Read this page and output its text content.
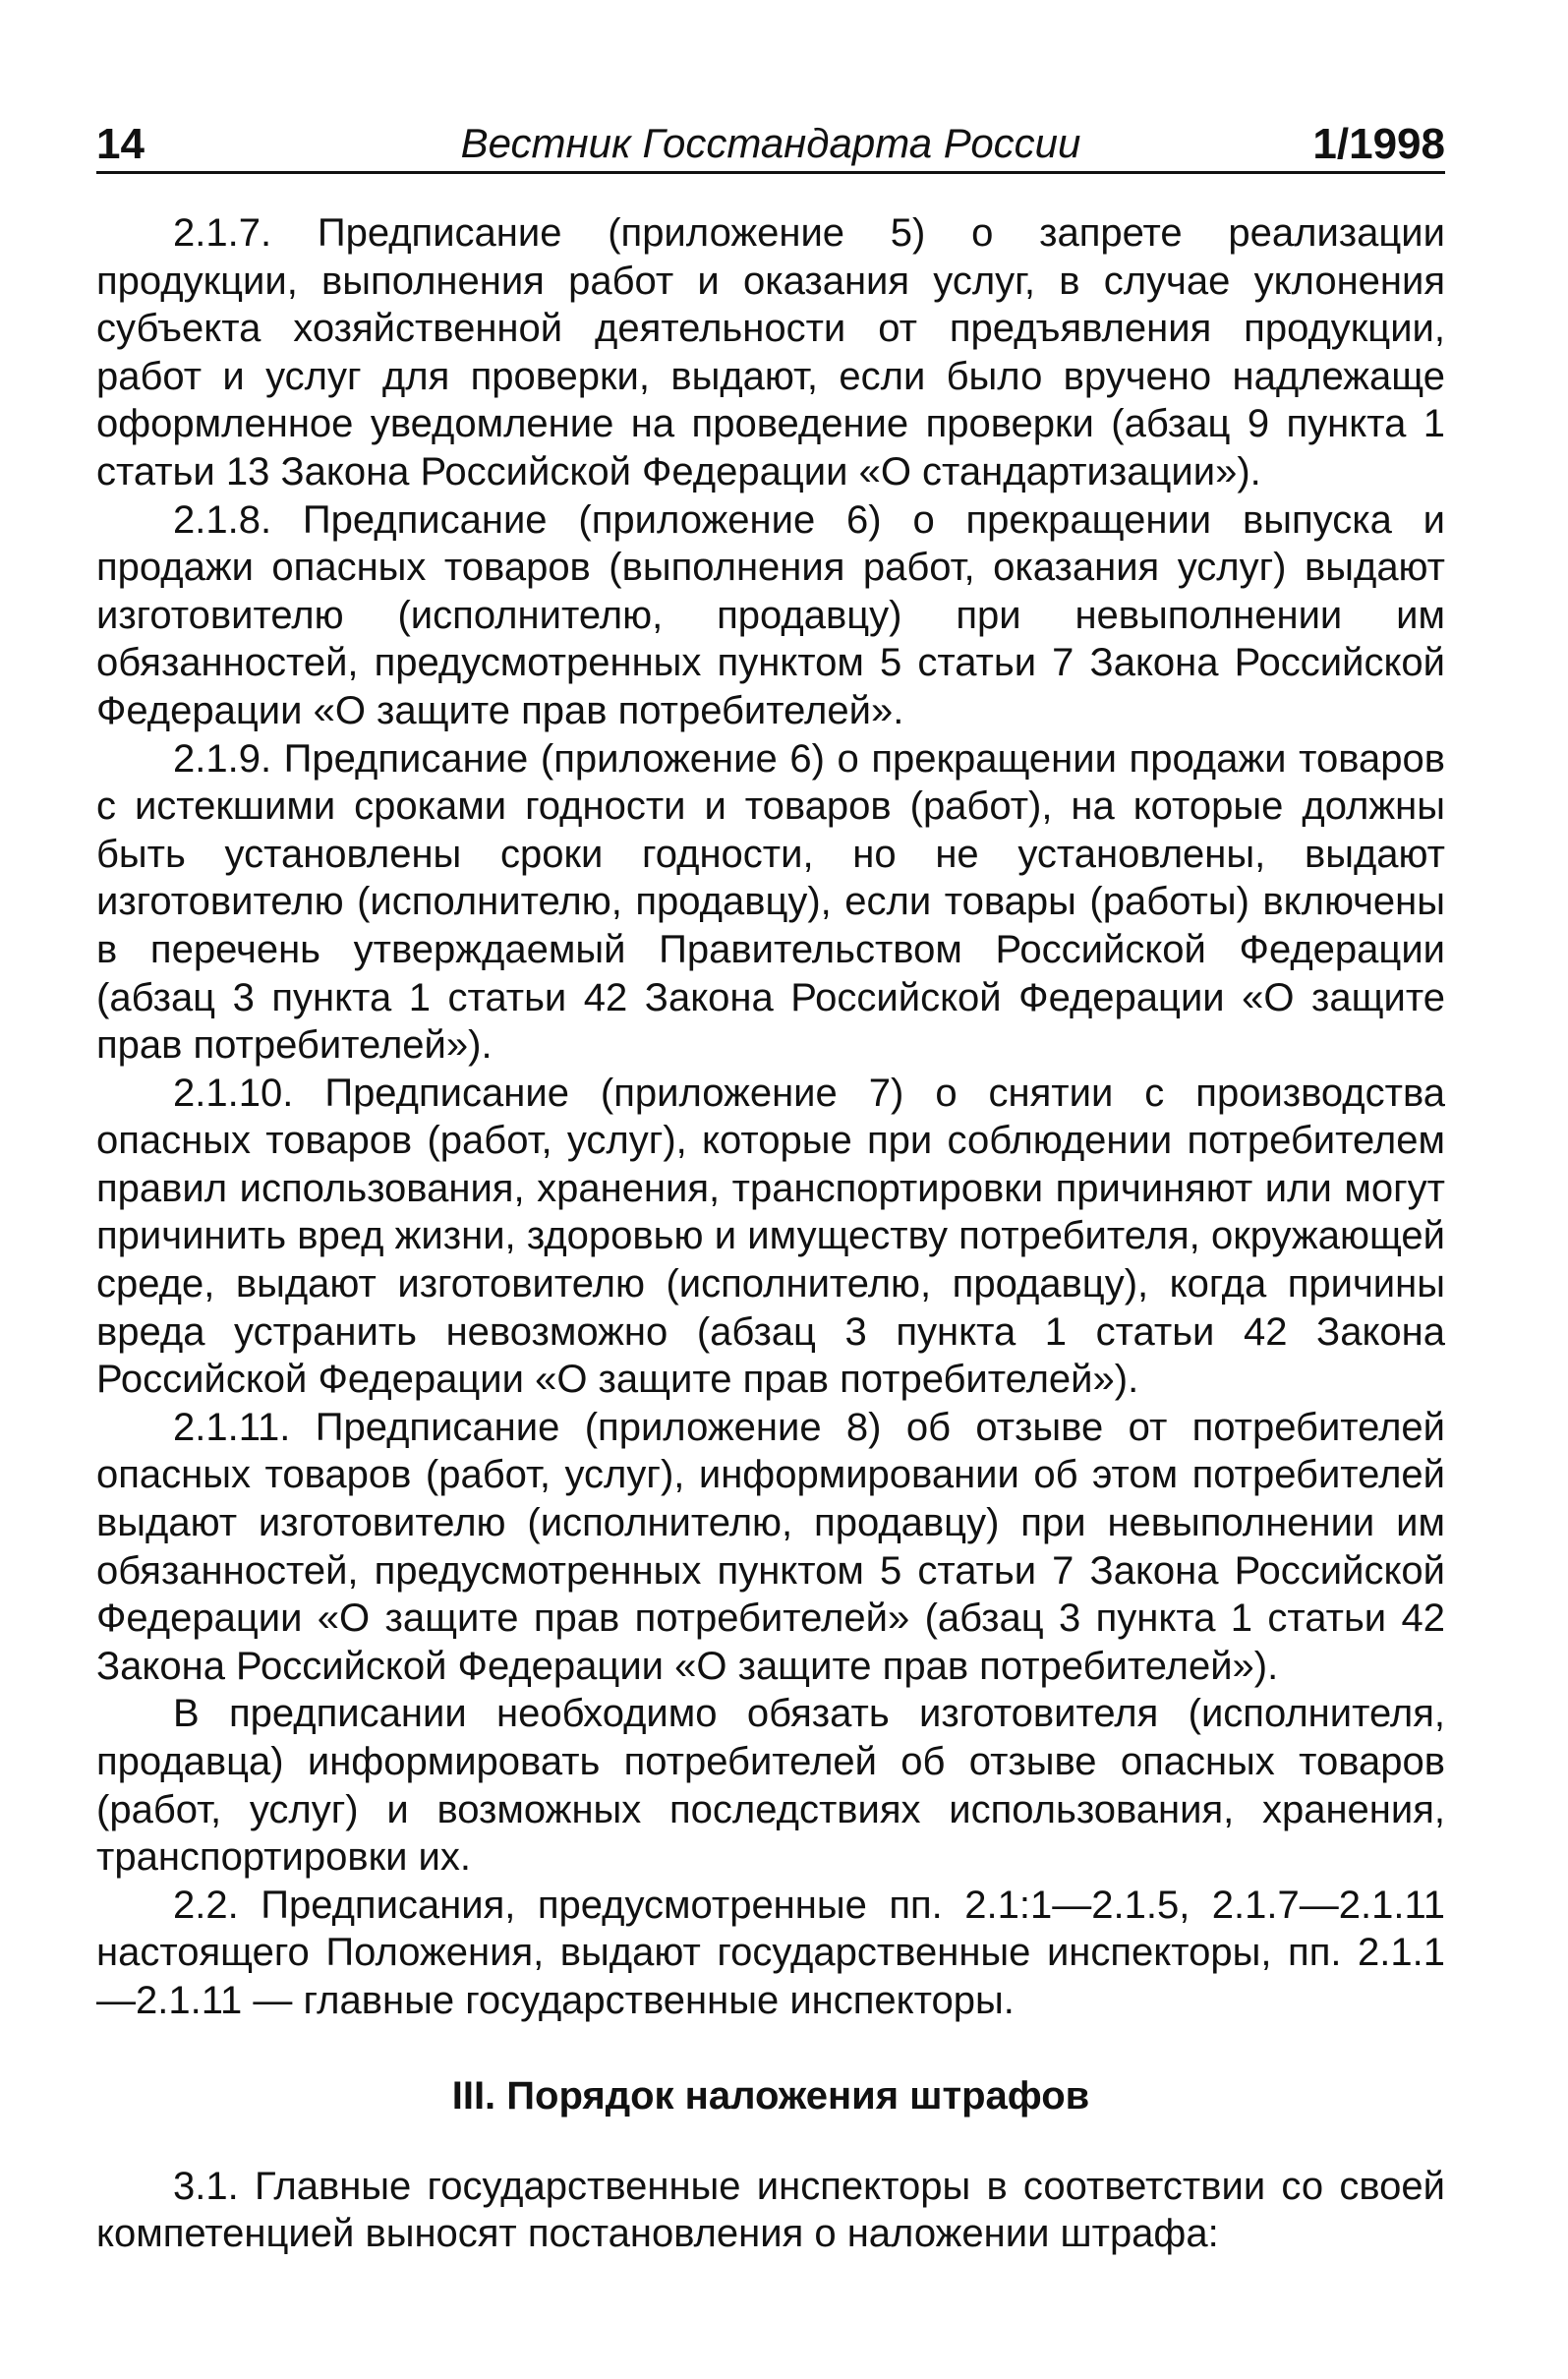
14	Вестник Госстандарта России	1/1998

2.1.7. Предписание (приложение 5) о запрете реализации продукции, выполнения работ и оказания услуг, в случае уклонения субъекта хозяйственной деятельности от предъявления продукции, работ и услуг для проверки, выдают, если было вручено надлежаще оформленное уведомление на проведение проверки (абзац 9 пункта 1 статьи 13 Закона Российской Федерации «О стандартизации»).

2.1.8. Предписание (приложение 6) о прекращении выпуска и продажи опасных товаров (выполнения работ, оказания услуг) выдают изготовителю (исполнителю, продавцу) при невыполнении им обязанностей, предусмотренных пунктом 5 статьи 7 Закона Российской Федерации «О защите прав потребителей».

2.1.9. Предписание (приложение 6) о прекращении продажи товаров с истекшими сроками годности и товаров (работ), на которые должны быть установлены сроки годности, но не установлены, выдают изготовителю (исполнителю, продавцу), если товары (работы) включены в перечень утверждаемый Правительством Российской Федерации (абзац 3 пункта 1 статьи 42 Закона Российской Федерации «О защите прав потребителей»).

2.1.10. Предписание (приложение 7) о снятии с производства опасных товаров (работ, услуг), которые при соблюдении потребителем правил использования, хранения, транспортировки причиняют или могут причинить вред жизни, здоровью и имуществу потребителя, окружающей среде, выдают изготовителю (исполнителю, продавцу), когда причины вреда устранить невозможно (абзац 3 пункта 1 статьи 42 Закона Российской Федерации «О защите прав потребителей»).

2.1.11. Предписание (приложение 8) об отзыве от потребителей опасных товаров (работ, услуг), информировании об этом потребителей выдают изготовителю (исполнителю, продавцу) при невыполнении им обязанностей, предусмотренных пунктом 5 статьи 7 Закона Российской Федерации «О защите прав потребителей» (абзац 3 пункта 1 статьи 42 Закона Российской Федерации «О защите прав потребителей»).

В предписании необходимо обязать изготовителя (исполнителя, продавца) информировать потребителей об отзыве опасных товаров (работ, услуг) и возможных последствиях использования, хранения, транспортировки их.

2.2. Предписания, предусмотренные пп. 2.1:1—2.1.5, 2.1.7—2.1.11 настоящего Положения, выдают государственные инспекторы, пп. 2.1.1—2.1.11 — главные государственные инспекторы.

III. Порядок наложения штрафов

3.1. Главные государственные инспекторы в соответствии со своей компетенцией выносят постановления о наложении штрафа:
